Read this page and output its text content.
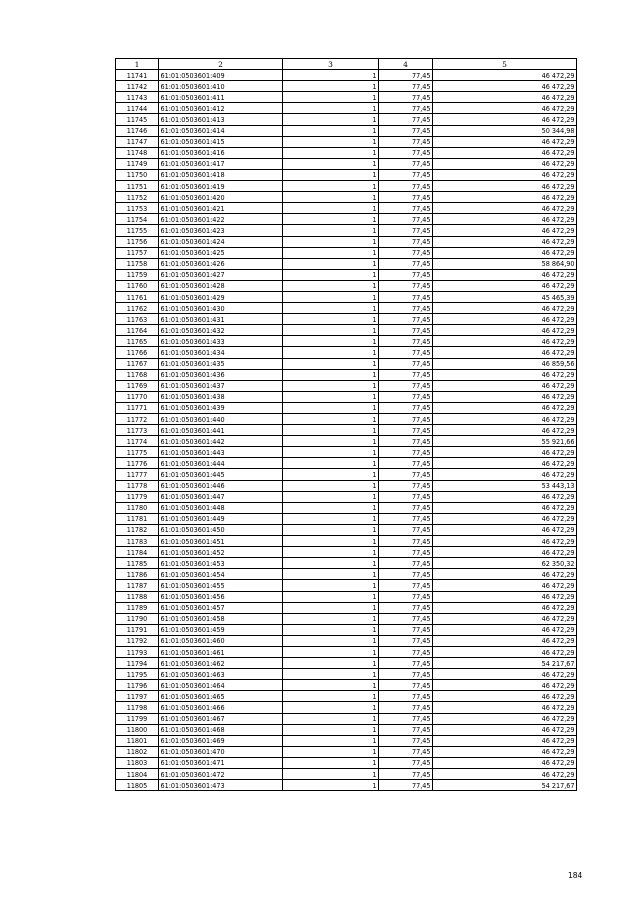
1	2	3	4	5
11741	61:01:0503601:409	1	77,45	46 472,29
11742	61:01:0503601:410	1	77,45	46 472,29
11743	61:01:0503601:411	1	77,45	46 472,29
11744	61:01:0503601:412	1	77,45	46 472,29
11745	61:01:0503601:413	1	77,45	46 472,29
11746	61:01:0503601:414	1	77,45	50 344,98
11747	61:01:0503601:415	1	77,45	46 472,29
11748	61:01:0503601:416	1	77,45	46 472,29
11749	61:01:0503601:417	1	77,45	46 472,29
11750	61:01:0503601:418	1	77,45	46 472,29
11751	61:01:0503601:419	1	77,45	46 472,29
11752	61:01:0503601:420	1	77,45	46 472,29
11753	61:01:0503601:421	1	77,45	46 472,29
11754	61:01:0503601:422	1	77,45	46 472,29
11755	61:01:0503601:423	1	77,45	46 472,29
11756	61:01:0503601:424	1	77,45	46 472,29
11757	61:01:0503601:425	1	77,45	46 472,29
11758	61:01:0503601:426	1	77,45	58 864,90
11759	61:01:0503601:427	1	77,45	46 472,29
11760	61:01:0503601:428	1	77,45	46 472,29
11761	61:01:0503601:429	1	77,45	45 465,39
11762	61:01:0503601:430	1	77,45	46 472,29
11763	61:01:0503601:431	1	77,45	46 472,29
11764	61:01:0503601:432	1	77,45	46 472,29
11765	61:01:0503601:433	1	77,45	46 472,29
11766	61:01:0503601:434	1	77,45	46 472,29
11767	61:01:0503601:435	1	77,45	46 859,56
11768	61:01:0503601:436	1	77,45	46 472,29
11769	61:01:0503601:437	1	77,45	46 472,29
11770	61:01:0503601:438	1	77,45	46 472,29
11771	61:01:0503601:439	1	77,45	46 472,29
11772	61:01:0503601:440	1	77,45	46 472,29
11773	61:01:0503601:441	1	77,45	46 472,29
11774	61:01:0503601:442	1	77,45	55 921,66
11775	61:01:0503601:443	1	77,45	46 472,29
11776	61:01:0503601:444	1	77,45	46 472,29
11777	61:01:0503601:445	1	77,45	46 472,29
11778	61:01:0503601:446	1	77,45	53 443,13
11779	61:01:0503601:447	1	77,45	46 472,29
11780	61:01:0503601:448	1	77,45	46 472,29
11781	61:01:0503601:449	1	77,45	46 472,29
11782	61:01:0503601:450	1	77,45	46 472,29
11783	61:01:0503601:451	1	77,45	46 472,29
11784	61:01:0503601:452	1	77,45	46 472,29
11785	61:01:0503601:453	1	77,45	62 350,32
11786	61:01:0503601:454	1	77,45	46 472,29
11787	61:01:0503601:455	1	77,45	46 472,29
11788	61:01:0503601:456	1	77,45	46 472,29
11789	61:01:0503601:457	1	77,45	46 472,29
11790	61:01:0503601:458	1	77,45	46 472,29
11791	61:01:0503601:459	1	77,45	46 472,29
11792	61:01:0503601:460	1	77,45	46 472,29
11793	61:01:0503601:461	1	77,45	46 472,29
11794	61:01:0503601:462	1	77,45	54 217,67
11795	61:01:0503601:463	1	77,45	46 472,29
11796	61:01:0503601:464	1	77,45	46 472,29
11797	61:01:0503601:465	1	77,45	46 472,29
11798	61:01:0503601:466	1	77,45	46 472,29
11799	61:01:0503601:467	1	77,45	46 472,29
11800	61:01:0503601:468	1	77,45	46 472,29
11801	61:01:0503601:469	1	77,45	46 472,29
11802	61:01:0503601:470	1	77,45	46 472,29
11803	61:01:0503601:471	1	77,45	46 472,29
11804	61:01:0503601:472	1	77,45	46 472,29
11805	61:01:0503601:473	1	77,45	54 217,67
184
